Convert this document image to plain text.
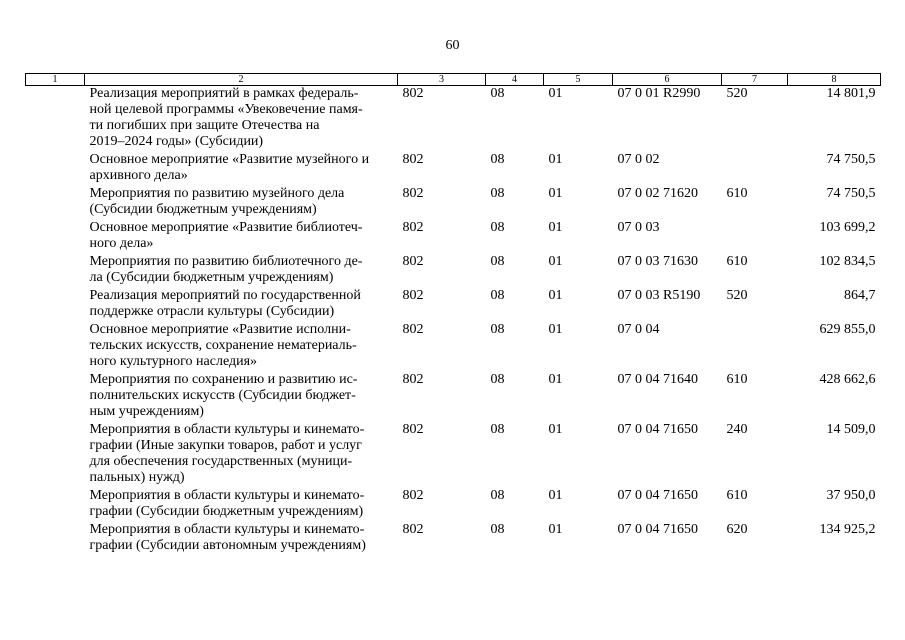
60
1	2	3	4	5	6	7	8
	Реализация мероприятий в рамках федераль-
ной целевой программы «Увековечение памя-
ти погибших при защите Отечества на
2019–2024 годы» (Субсидии)	802	08	01	07 0 01 R2990	520	14 801,9
	Основное мероприятие «Развитие музейного и
архивного дела»	802	08	01	07 0 02		74 750,5
	Мероприятия по развитию музейного дела
(Субсидии бюджетным учреждениям)	802	08	01	07 0 02 71620	610	74 750,5
	Основное мероприятие «Развитие библиотеч-
ного дела»	802	08	01	07 0 03		103 699,2
	Мероприятия по развитию библиотечного де-
ла (Субсидии бюджетным учреждениям)	802	08	01	07 0 03 71630	610	102 834,5
	Реализация мероприятий по государственной
поддержке отрасли культуры (Субсидии)	802	08	01	07 0 03 R5190	520	864,7
	Основное мероприятие «Развитие исполни-
тельских искусств, сохранение нематериаль-
ного культурного наследия»	802	08	01	07 0 04		629 855,0
	Мероприятия по сохранению и развитию ис-
полнительских искусств (Субсидии бюджет-
ным учреждениям)	802	08	01	07 0 04 71640	610	428 662,6
	Мероприятия в области культуры и кинемато-
графии (Иные закупки товаров, работ и услуг
для обеспечения государственных (муници-
пальных) нужд)	802	08	01	07 0 04 71650	240	14 509,0
	Мероприятия в области культуры и кинемато-
графии (Субсидии бюджетным учреждениям)	802	08	01	07 0 04 71650	610	37 950,0
	Мероприятия в области культуры и кинемато-
графии (Субсидии автономным учреждениям)	802	08	01	07 0 04 71650	620	134 925,2
